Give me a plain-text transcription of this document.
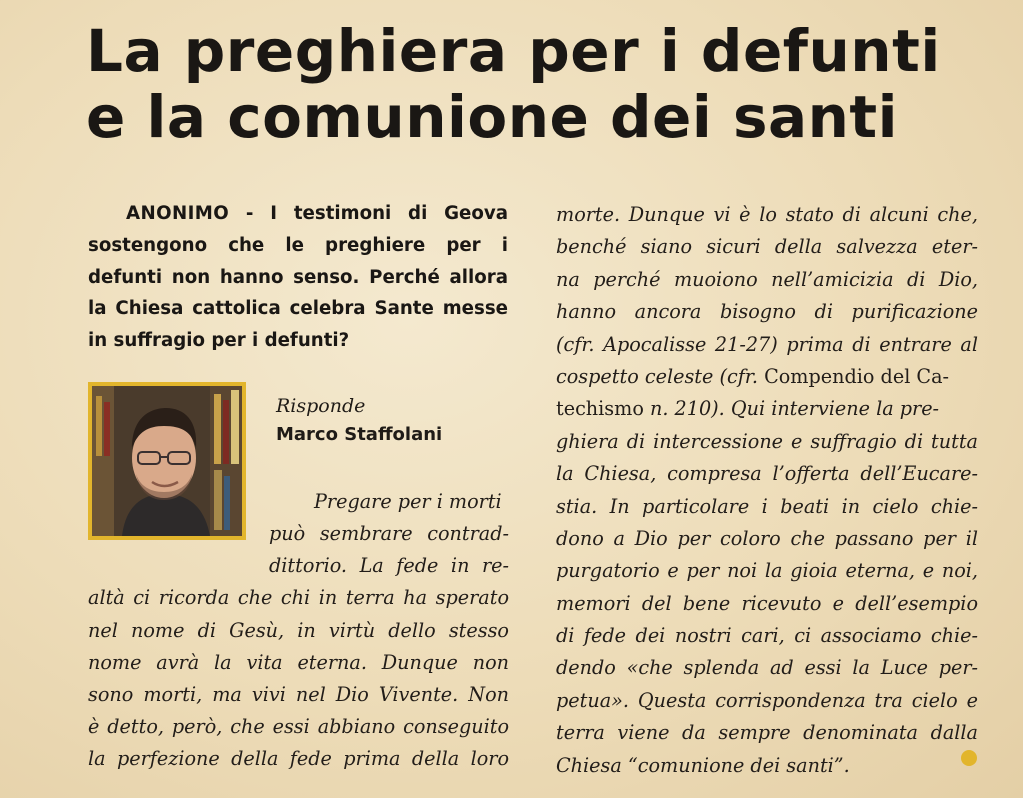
La preghiera per i defunti
e la comunione dei santi

ANONIMO - I testimoni di Geova sostengono che le preghiere per i defunti non hanno senso. Perché allora la Chiesa cattolica celebra Sante messe in suffragio per i defunti?

Risponde
Marco Staffolani
Pregare per i morti
può sembrare contrad-
dittorio. La fede in re-
altà ci ricorda che chi in terra ha sperato
nel nome di Gesù, in virtù dello stesso
nome avrà la vita eterna. Dunque non
sono morti, ma vivi nel Dio Vivente. Non
è detto, però, che essi abbiano conseguito
la perfezione della fede prima della loro
morte. Dunque vi è lo stato di alcuni che,
benché siano sicuri della salvezza eter-
na perché muoiono nell’amicizia di Dio,
hanno ancora bisogno di purificazione
(cfr. Apocalisse 21-27) prima di entrare al
cospetto celeste (cfr. Compendio del Ca-
techismo n. 210). Qui interviene la pre-
ghiera di intercessione e suffragio di tutta
la Chiesa, compresa l’offerta dell’Eucare-
stia. In particolare i beati in cielo chie-
dono a Dio per coloro che passano per il
purgatorio e per noi la gioia eterna, e noi,
memori del bene ricevuto e dell’esempio
di fede dei nostri cari, ci associamo chie-
dendo «che splenda ad essi la Luce per-
petua». Questa corrispondenza tra cielo e
terra viene da sempre denominata dalla
Chiesa “comunione dei santi”.
